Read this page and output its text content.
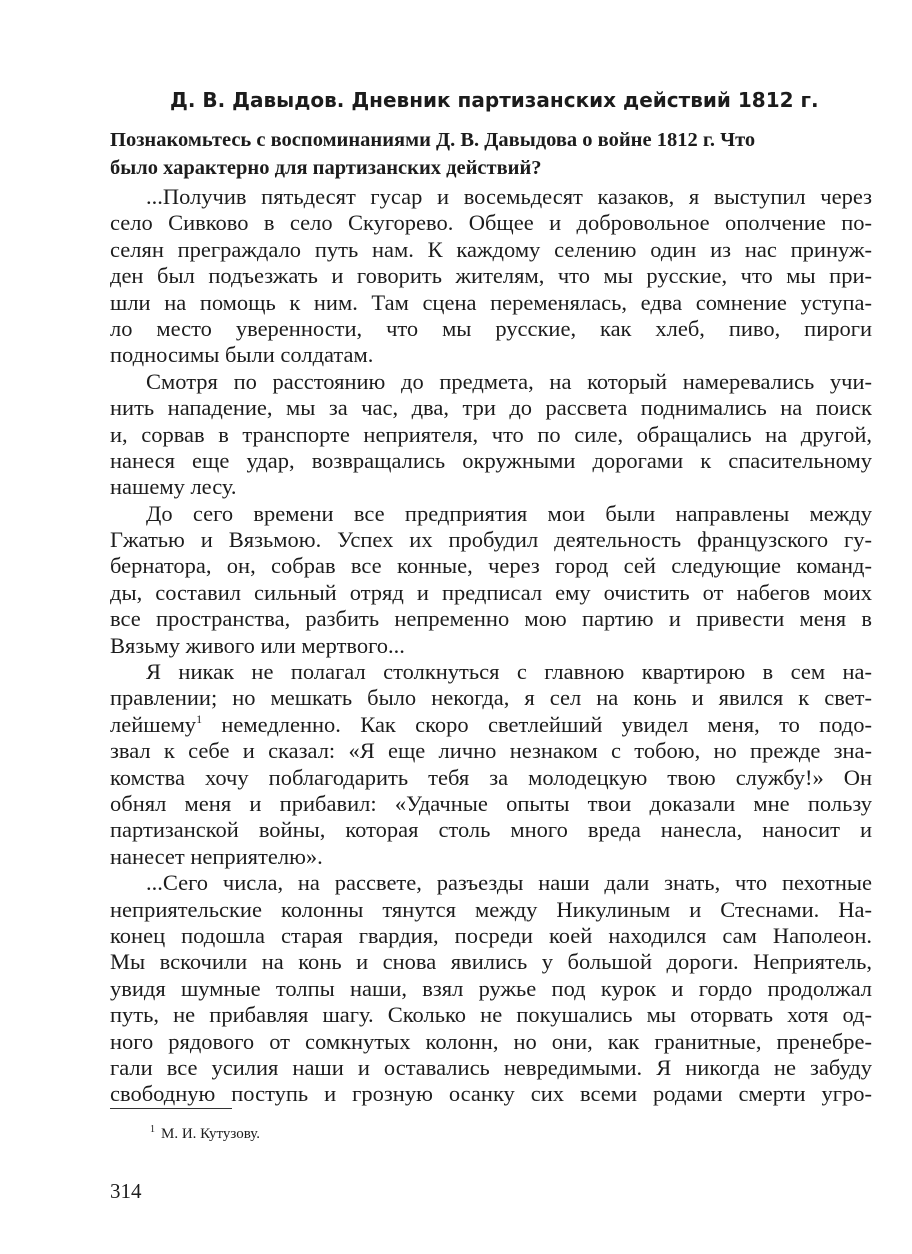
Д. В. Давыдов. Дневник партизанских действий 1812 г.
Познакомьтесь с воспоминаниями Д. В. Давыдова о войне 1812 г. Что
было характерно для партизанских действий?
...Получив пятьдесят гусар и восемьдесят казаков, я выступил через
село Сивково в село Скугорево. Общее и добровольное ополчение по-
селян преграждало путь нам. К каждому селению один из нас принуж-
ден был подъезжать и говорить жителям, что мы русские, что мы при-
шли на помощь к ним. Там сцена переменялась, едва сомнение уступа-
ло место уверенности, что мы русские, как хлеб, пиво, пироги
подносимы были солдатам.
Смотря по расстоянию до предмета, на который намеревались учи-
нить нападение, мы за час, два, три до рассвета поднимались на поиск
и, сорвав в транспорте неприятеля, что по силе, обращались на другой,
нанеся еще удар, возвращались окружными дорогами к спасительному
нашему лесу.
До сего времени все предприятия мои были направлены между
Гжатью и Вязьмою. Успех их пробудил деятельность французского гу-
бернатора, он, собрав все конные, через город сей следующие команд-
ды, составил сильный отряд и предписал ему очистить от набегов моих
все пространства, разбить непременно мою партию и привести меня в
Вязьму живого или мертвого...
Я никак не полагал столкнуться с главною квартирою в сем на-
правлении; но мешкать было некогда, я сел на конь и явился к свет-
лейшему$^1$ немедленно. Как скоро светлейший увидел меня, то подо-
звал к себе и сказал: «Я еще лично незнаком с тобою, но прежде зна-
комства хочу поблагодарить тебя за молодецкую твою службу!» Он
обнял меня и прибавил: «Удачные опыты твои доказали мне пользу
партизанской войны, которая столь много вреда нанесла, наносит и
нанесет неприятелю».
...Сего числа, на рассвете, разъезды наши дали знать, что пехотные
неприятельские колонны тянутся между Никулиным и Стеснами. На-
конец подошла старая гвардия, посреди коей находился сам Наполеон.
Мы вскочили на конь и снова явились у большой дороги. Неприятель,
увидя шумные толпы наши, взял ружье под курок и гордо продолжал
путь, не прибавляя шагу. Сколько не покушались мы оторвать хотя од-
ного рядового от сомкнутых колонн, но они, как гранитные, пренебре-
гали все усилия наши и оставались невредимыми. Я никогда не забуду
свободную поступь и грозную осанку сих всеми родами смерти угро-
$^1$ М. И. Кутузову.
314
